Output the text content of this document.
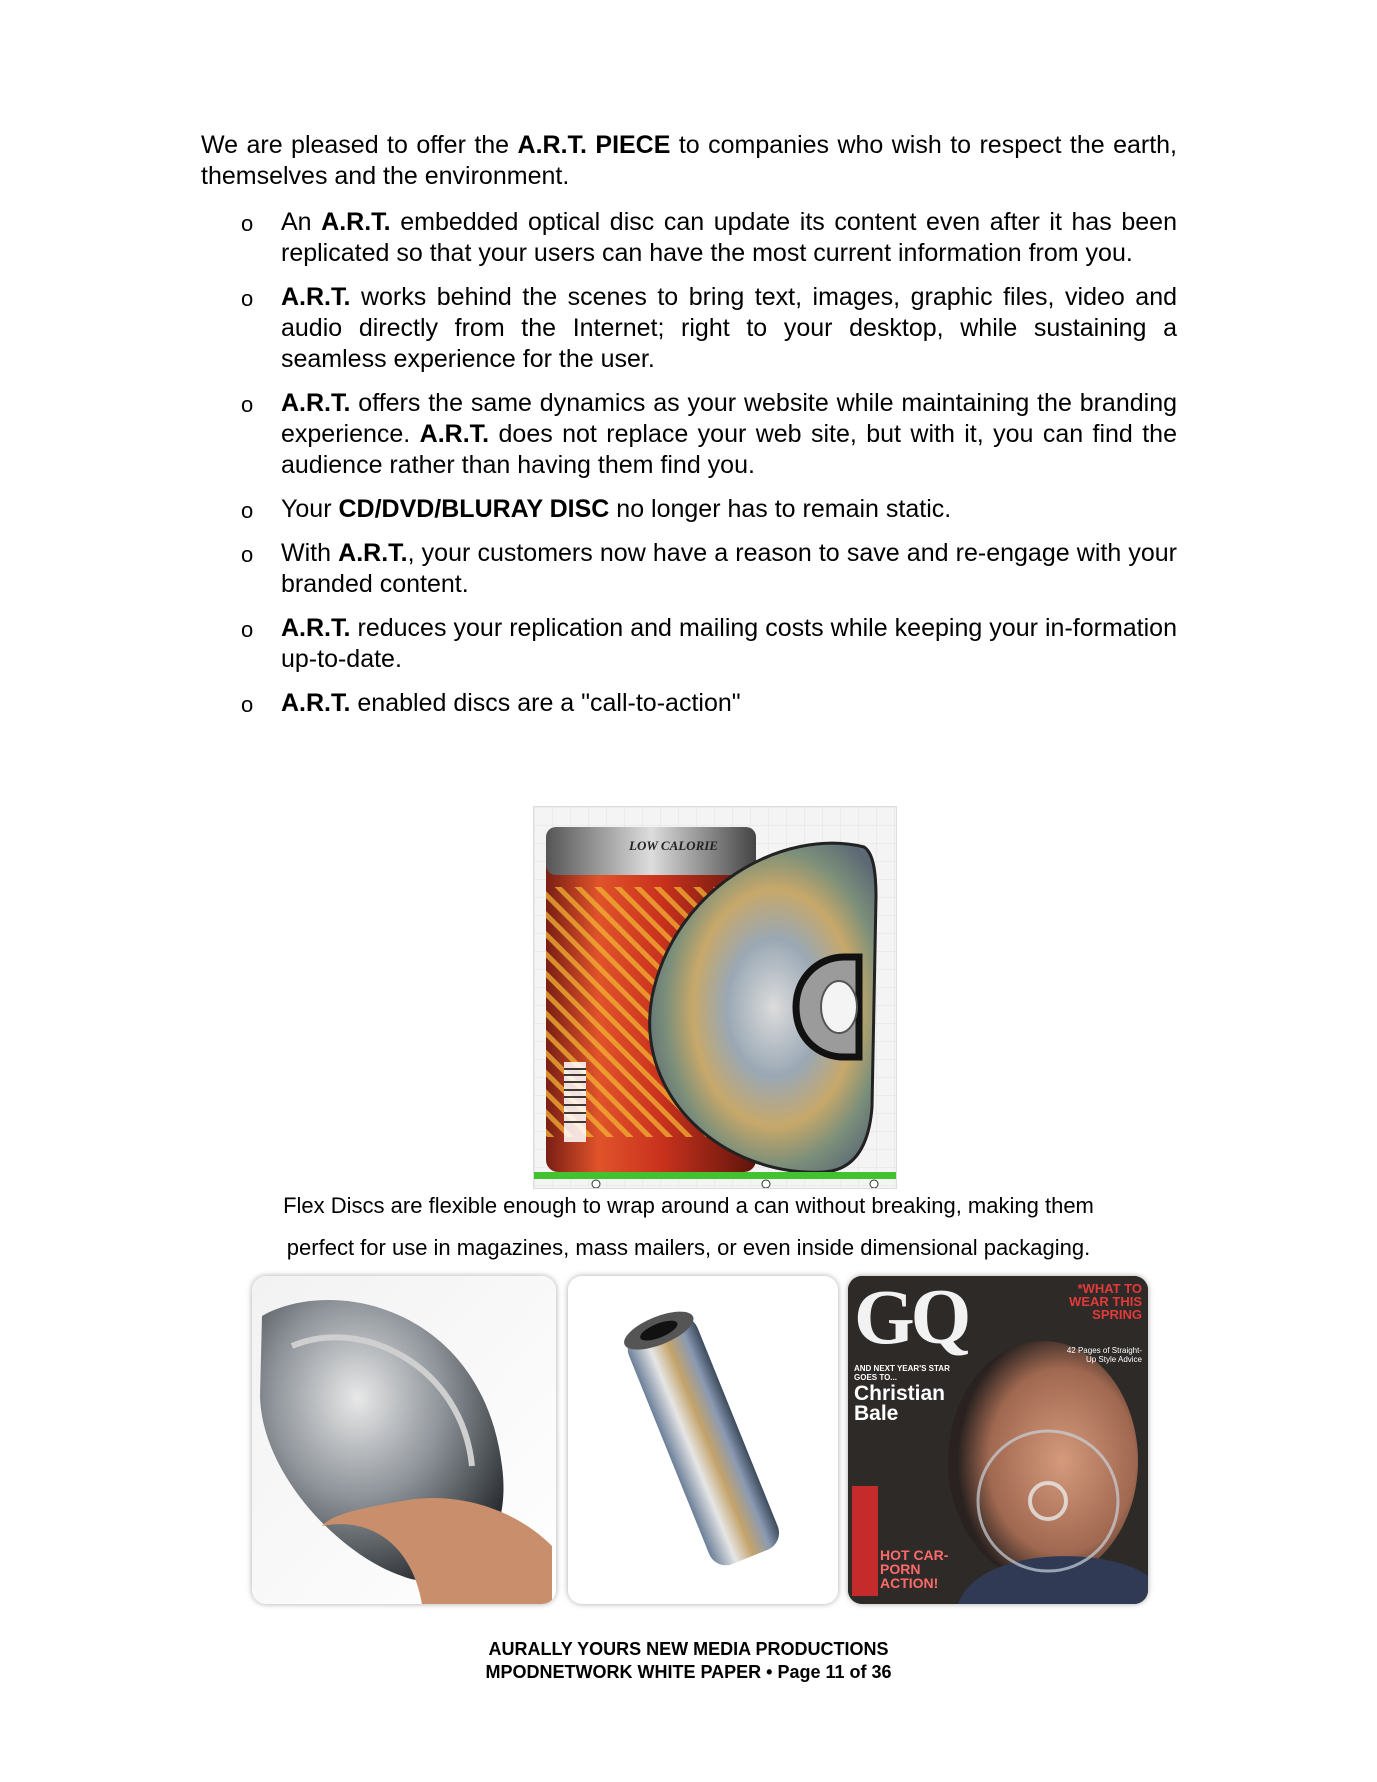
We are pleased to offer the A.R.T. PIECE to companies who wish to respect the earth, themselves and the environment.

o An A.R.T. embedded optical disc can update its content even after it has been replicated so that your users can have the most current information from you.
o A.R.T. works behind the scenes to bring text, images, graphic files, video and audio directly from the Internet; right to your desktop, while sustaining a seamless experience for the user.
o A.R.T. offers the same dynamics as your website while maintaining the branding experience. A.R.T. does not replace your web site, but with it, you can find the audience rather than having them find you.
o Your CD/DVD/BLURAY DISC no longer has to remain static.
o With A.R.T., your customers now have a reason to save and re-engage with your branded content.
o A.R.T. reduces your replication and mailing costs while keeping your in-formation up-to-date.
o A.R.T. enabled discs are a "call-to-action"
LOW CALORIE
Flex Discs are flexible enough to wrap around a can without breaking, making them
perfect for use in magazines, mass mailers, or even inside dimensional packaging.
GQ	*WHAT TO WEAR THIS SPRING
42 Pages of Straight-Up Style Advice
AND NEXT YEAR'S STAR GOES TO...
Christian Bale
HOT CAR-PORN ACTION!
AURALLY YOURS NEW MEDIA PRODUCTIONS
MPODNETWORK WHITE PAPER • Page 11 of 36
